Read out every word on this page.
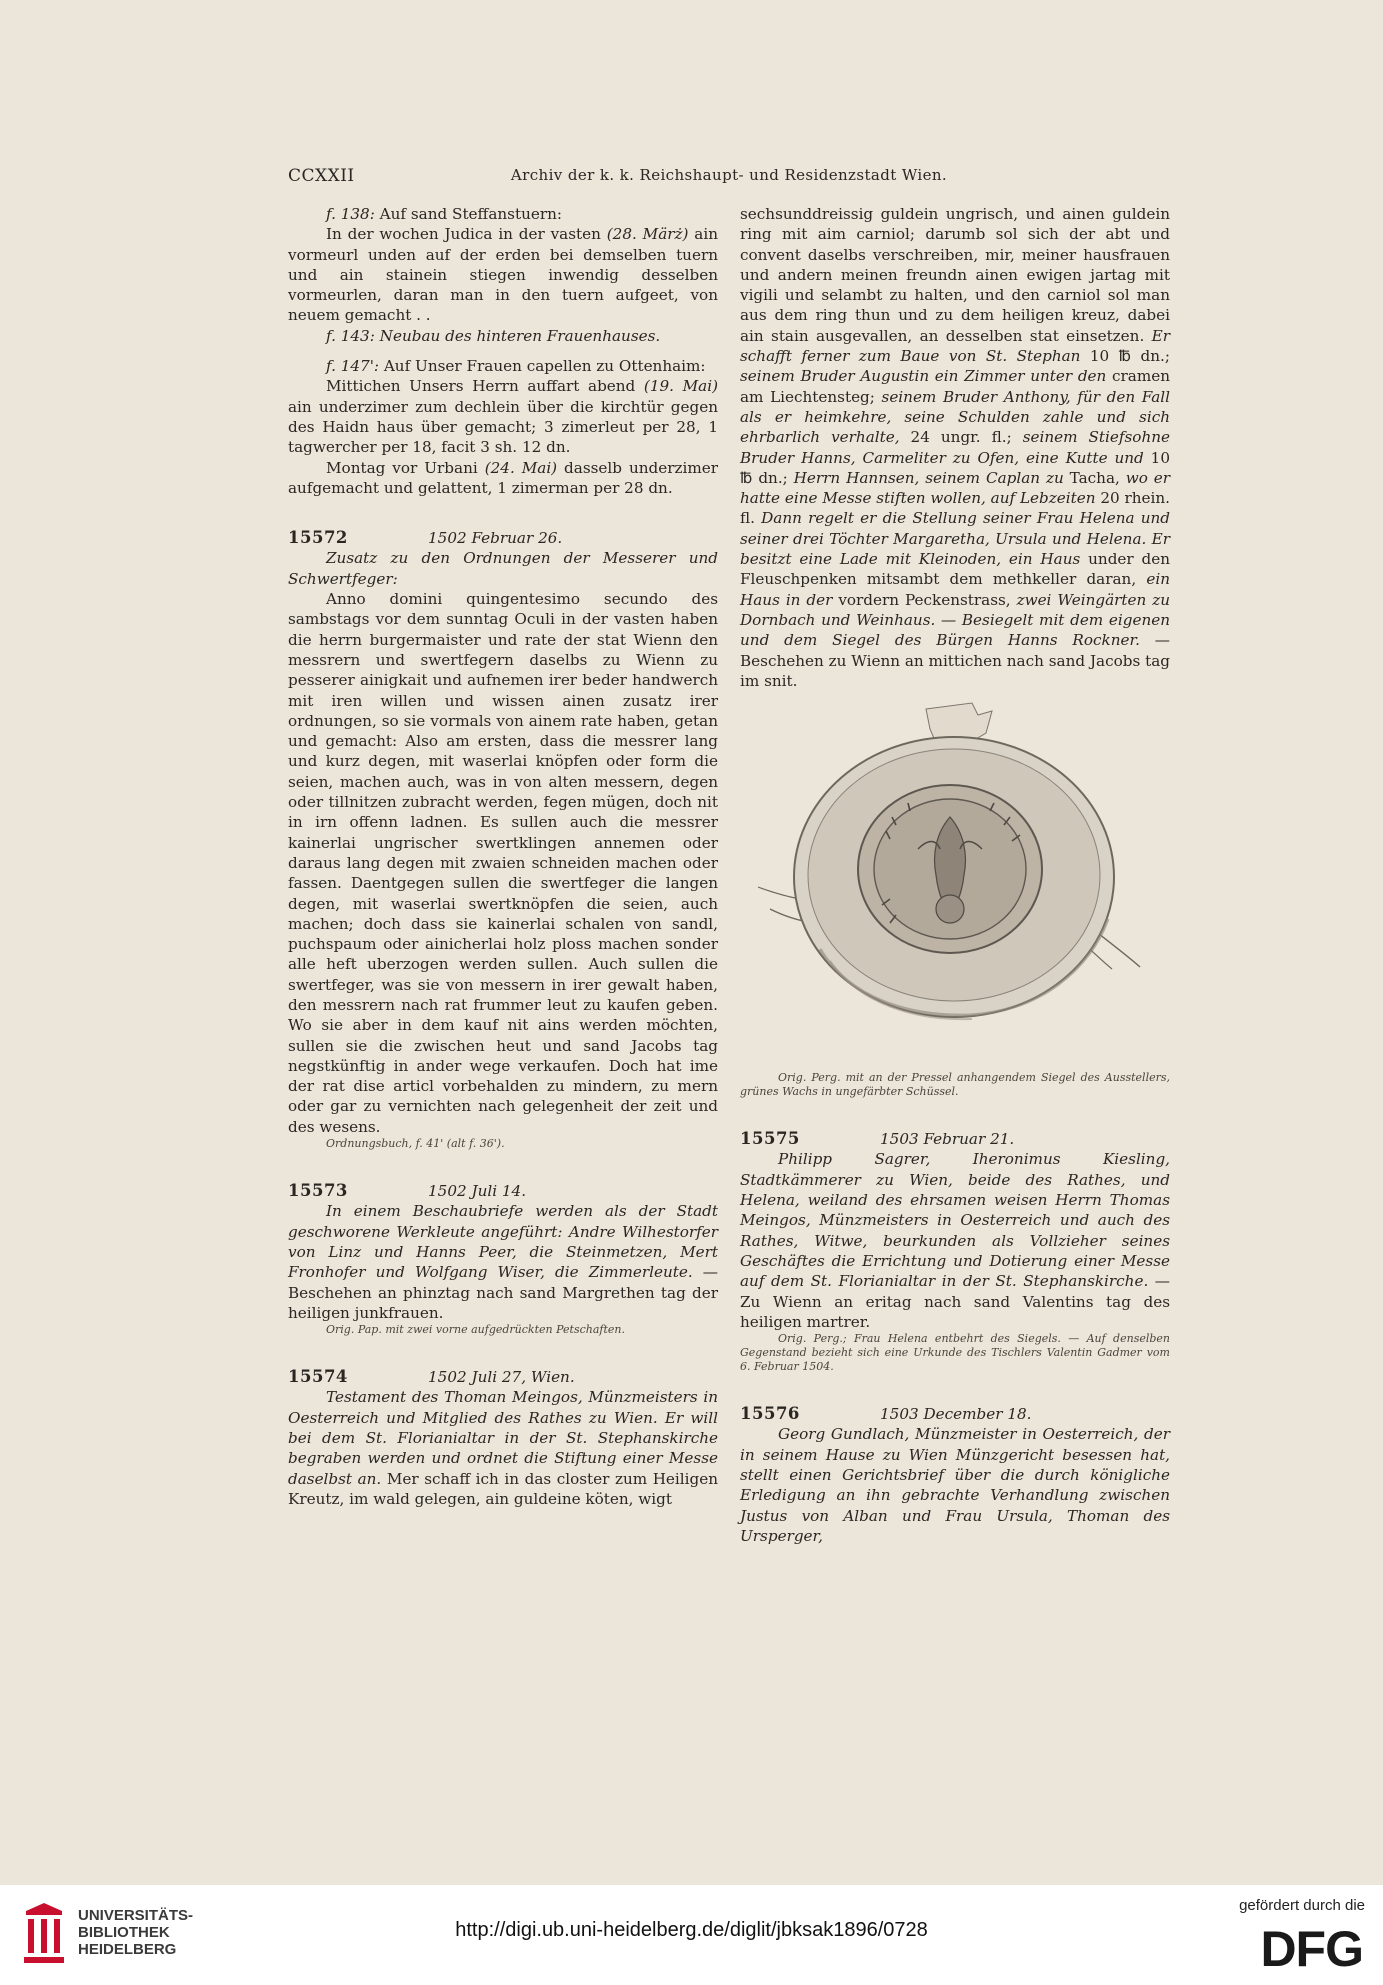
CCXXII	Archiv der k. k. Reichshaupt- und Residenzstadt Wien.

f. 138: Auf sand Steffanstuern:

In der wochen Judica in der vasten (28. Märż) ain vormeurl unden auf der erden bei demselben tuern und ain stainein stiegen inwendig desselben vormeurlen, daran man in den tuern aufgeet, von neuem gemacht . .

f. 143: Neubau des hinteren Frauenhauses.

f. 147': Auf Unser Frauen capellen zu Ottenhaim:

Mittichen Unsers Herrn auffart abend (19. Mai) ain underzimer zum dechlein über die kirchtür gegen des Haidn haus über gemacht; 3 zimerleut per 28, 1 tagwercher per 18, facit 3 sh. 12 dn.

Montag vor Urbani (24. Mai) dasselb underzimer aufgemacht und gelattent, 1 zimerman per 28 dn.

15572	1502 Februar 26.

Zusatz zu den Ordnungen der Messerer und Schwertfeger:

Anno domini quingentesimo secundo des sambstags vor dem sunntag Oculi in der vasten haben die herrn burgermaister und rate der stat Wienn den messrern und swertfegern daselbs zu Wienn zu pesserer ainigkait und aufnemen irer beder handwerch mit iren willen und wissen ainen zusatz irer ordnungen, so sie vormals von ainem rate haben, getan und gemacht: Also am ersten, dass die messrer lang und kurz degen, mit waserlai knöpfen oder form die seien, machen auch, was in von alten messern, degen oder tillnitzen zubracht werden, fegen mügen, doch nit in irn offenn ladnen. Es sullen auch die messrer kainerlai ungrischer swertklingen annemen oder daraus lang degen mit zwaien schneiden machen oder fassen. Daentgegen sullen die swertfeger die langen degen, mit waserlai swertknöpfen die seien, auch machen; doch dass sie kainerlai schalen von sandl, puchspaum oder ainicherlai holz ploss machen sonder alle heft uberzogen werden sullen. Auch sullen die swertfeger, was sie von messern in irer gewalt haben, den messrern nach rat frummer leut zu kaufen geben. Wo sie aber in dem kauf nit ains werden möchten, sullen sie die zwischen heut und sand Jacobs tag negstkünftig in ander wege verkaufen. Doch hat ime der rat dise articl vorbehalden zu mindern, zu mern oder gar zu vernichten nach gelegenheit der zeit und des wesens.

Ordnungsbuch, f. 41' (alt f. 36').

15573	1502 Juli 14.

In einem Beschaubriefe werden als der Stadt geschworene Werkleute angeführt: Andre Wilhestorfer von Linz und Hanns Peer, die Steinmetzen, Mert Fronhofer und Wolfgang Wiser, die Zimmerleute. — Beschehen an phinztag nach sand Margrethen tag der heiligen junkfrauen.

Orig. Pap. mit zwei vorne aufgedrückten Petschaften.

15574	1502 Juli 27, Wien.

Testament des Thoman Meingos, Münzmeisters in Oesterreich und Mitglied des Rathes zu Wien. Er will bei dem St. Florianialtar in der St. Stephanskirche begraben werden und ordnet die Stiftung einer Messe daselbst an. Mer schaff ich in das closter zum Heiligen Kreutz, im wald gelegen, ain guldeine köten, wigt

sechsunddreissig guldein ungrisch, und ainen guldein ring mit aim carniol; darumb sol sich der abt und convent daselbs verschreiben, mir, meiner hausfrauen und andern meinen freundn ainen ewigen jartag mit vigili und selambt zu halten, und den carniol sol man aus dem ring thun und zu dem heiligen kreuz, dabei ain stain ausgevallen, an desselben stat einsetzen. Er schafft ferner zum Baue von St. Stephan 10 ℔ dn.; seinem Bruder Augustin ein Zimmer unter den cramen am Liechtensteg; seinem Bruder Anthony, für den Fall als er heimkehre, seine Schulden zahle und sich ehrbarlich verhalte, 24 ungr. fl.; seinem Stiefsohne Bruder Hanns, Carmeliter zu Ofen, eine Kutte und 10 ℔ dn.; Herrn Hannsen, seinem Caplan zu Tacha, wo er hatte eine Messe stiften wollen, auf Lebzeiten 20 rhein. fl. Dann regelt er die Stellung seiner Frau Helena und seiner drei Töchter Margaretha, Ursula und Helena. Er besitzt eine Lade mit Kleinoden, ein Haus under den Fleuschpenken mitsambt dem methkeller daran, ein Haus in der vordern Peckenstrass, zwei Weingärten zu Dornbach und Weinhaus. — Besiegelt mit dem eigenen und dem Siegel des Bürgen Hanns Rockner. — Beschehen zu Wienn an mittichen nach sand Jacobs tag im snit.

Orig. Perg. mit an der Pressel anhangendem Siegel des Ausstellers, grünes Wachs in ungefärbter Schüssel.

15575	1503 Februar 21.

Philipp Sagrer, Iheronimus Kiesling, Stadtkämmerer zu Wien, beide des Rathes, und Helena, weiland des ehrsamen weisen Herrn Thomas Meingos, Münzmeisters in Oesterreich und auch des Rathes, Witwe, beurkunden als Vollzieher seines Geschäftes die Errichtung und Dotierung einer Messe auf dem St. Florianialtar in der St. Stephanskirche. — Zu Wienn an eritag nach sand Valentins tag des heiligen martrer.

Orig. Perg.; Frau Helena entbehrt des Siegels. — Auf denselben Gegenstand bezieht sich eine Urkunde des Tischlers Valentin Gadmer vom 6. Februar 1504.

15576	1503 December 18.

Georg Gundlach, Münzmeister in Oesterreich, der in seinem Hause zu Wien Münzgericht besessen hat, stellt einen Gerichtsbrief über die durch königliche Erledigung an ihn gebrachte Verhandlung zwischen Justus von Alban und Frau Ursula, Thoman des Ursperger,

UNIVERSITÄTS-
BIBLIOTHEK
HEIDELBERG
http://digi.ub.uni-heidelberg.de/diglit/jbksak1896/0728
gefördert durch die
DFG
